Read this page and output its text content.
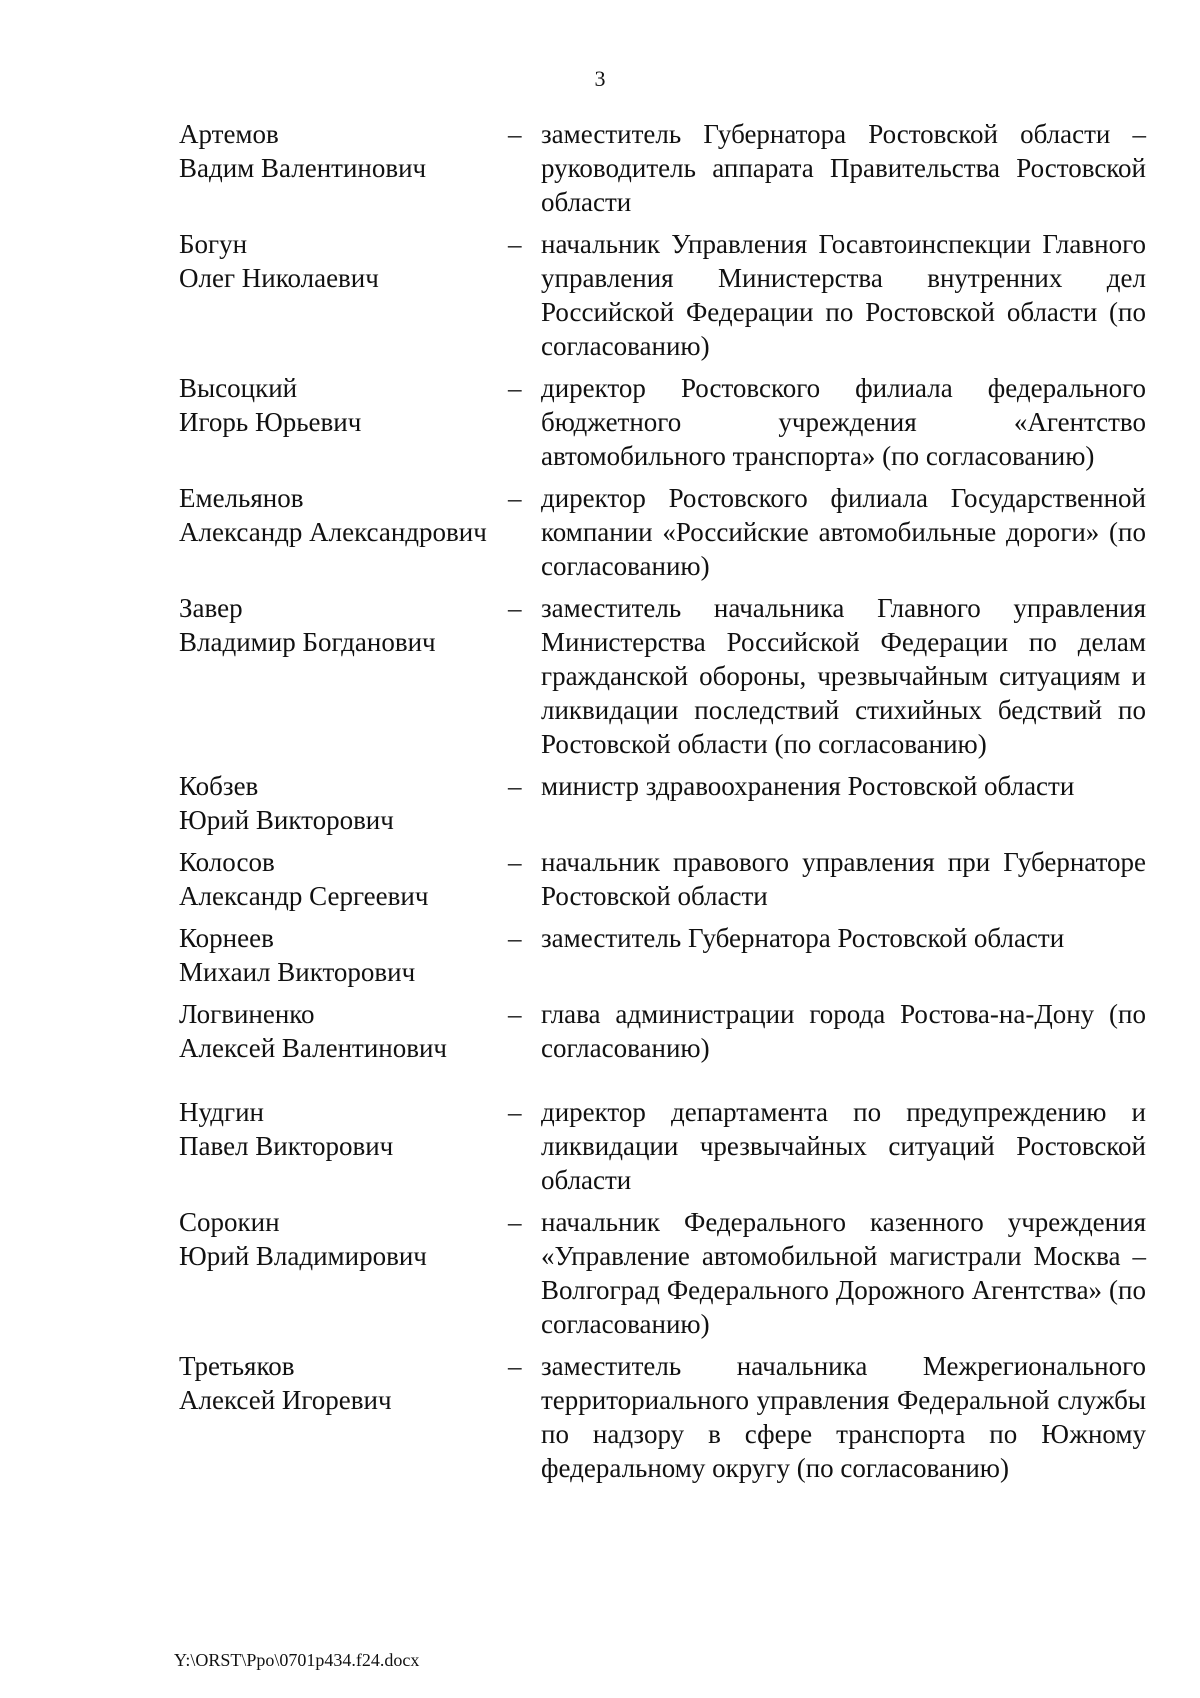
3
Артемов
Вадим Валентинович
– заместитель Губернатора Ростовской области – руководитель аппарата Правительства Ростовской области
Богун
Олег Николаевич
– начальник Управления Госавтоинспекции Главного управления Министерства внутренних дел Российской Федерации по Ростовской области (по согласованию)
Высоцкий
Игорь Юрьевич
– директор Ростовского филиала федерального бюджетного учреждения «Агентство автомобильного транспорта» (по согласованию)
Емельянов
Александр Александрович
– директор Ростовского филиала Государственной компании «Российские автомобильные дороги» (по согласованию)
Завер
Владимир Богданович
– заместитель начальника Главного управления Министерства Российской Федерации по делам гражданской обороны, чрезвычайным ситуациям и ликвидации последствий стихийных бедствий по Ростовской области (по согласованию)
Кобзев
Юрий Викторович
– министр здравоохранения Ростовской области
Колосов
Александр Сергеевич
– начальник правового управления при Губернаторе Ростовской области
Корнеев
Михаил Викторович
– заместитель Губернатора Ростовской области
Логвиненко
Алексей Валентинович
– глава администрации города Ростова-на-Дону (по согласованию)
Нудгин
Павел Викторович
– директор департамента по предупреждению и ликвидации чрезвычайных ситуаций Ростовской области
Сорокин
Юрий Владимирович
– начальник Федерального казенного учреждения «Управление автомобильной магистрали Москва – Волгоград Федерального Дорожного Агентства» (по согласованию)
Третьяков
Алексей Игоревич
– заместитель начальника Межрегионального территориального управления Федеральной службы по надзору в сфере транспорта по Южному федеральному округу (по согласованию)
Y:\ORST\Ppo\0701p434.f24.docx
